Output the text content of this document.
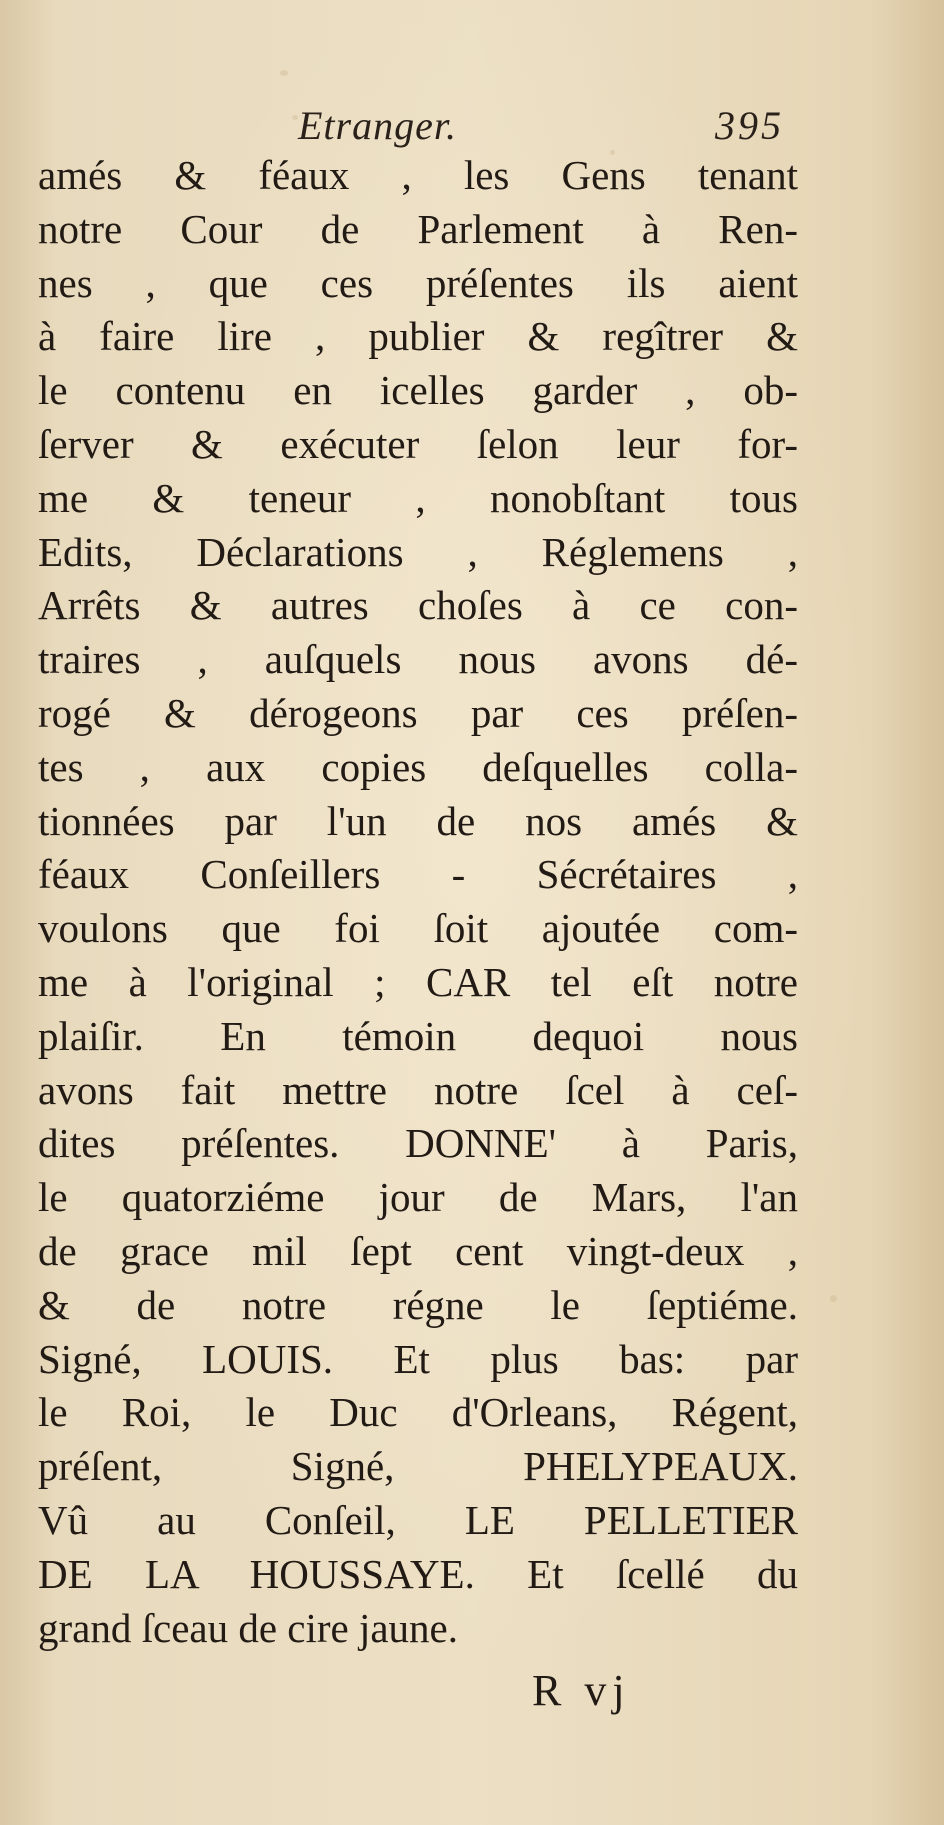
Etranger.	395
amés & féaux , les Gens tenant
notre Cour de Parlement à Ren-
nes , que ces préſentes ils aient
à faire lire , publier & regîtrer &
le contenu en icelles garder , ob-
ſerver & exécuter ſelon leur for-
me & teneur , nonobſtant tous
Edits, Déclarations , Réglemens ,
Arrêts & autres choſes à ce con-
traires , auſquels nous avons dé-
rogé & dérogeons par ces préſen-
tes , aux copies deſquelles colla-
tionnées par l'un de nos amés &
féaux Conſeillers - Sécrétaires ,
voulons que foi ſoit ajoutée com-
me à l'original ; CAR tel eſt notre
plaiſir. En témoin dequoi nous
avons fait mettre notre ſcel à ceſ-
dites préſentes. DONNE' à Paris,
le quatorziéme jour de Mars, l'an
de grace mil ſept cent vingt-deux ,
& de notre régne le ſeptiéme.
Signé, LOUIS. Et plus bas: par
le Roi, le Duc d'Orleans, Régent,
préſent, Signé, PHELYPEAUX.
Vû au Conſeil, LE PELLETIER
DE LA HOUSSAYE. Et ſcellé du
grand ſceau de cire jaune.
R vj
